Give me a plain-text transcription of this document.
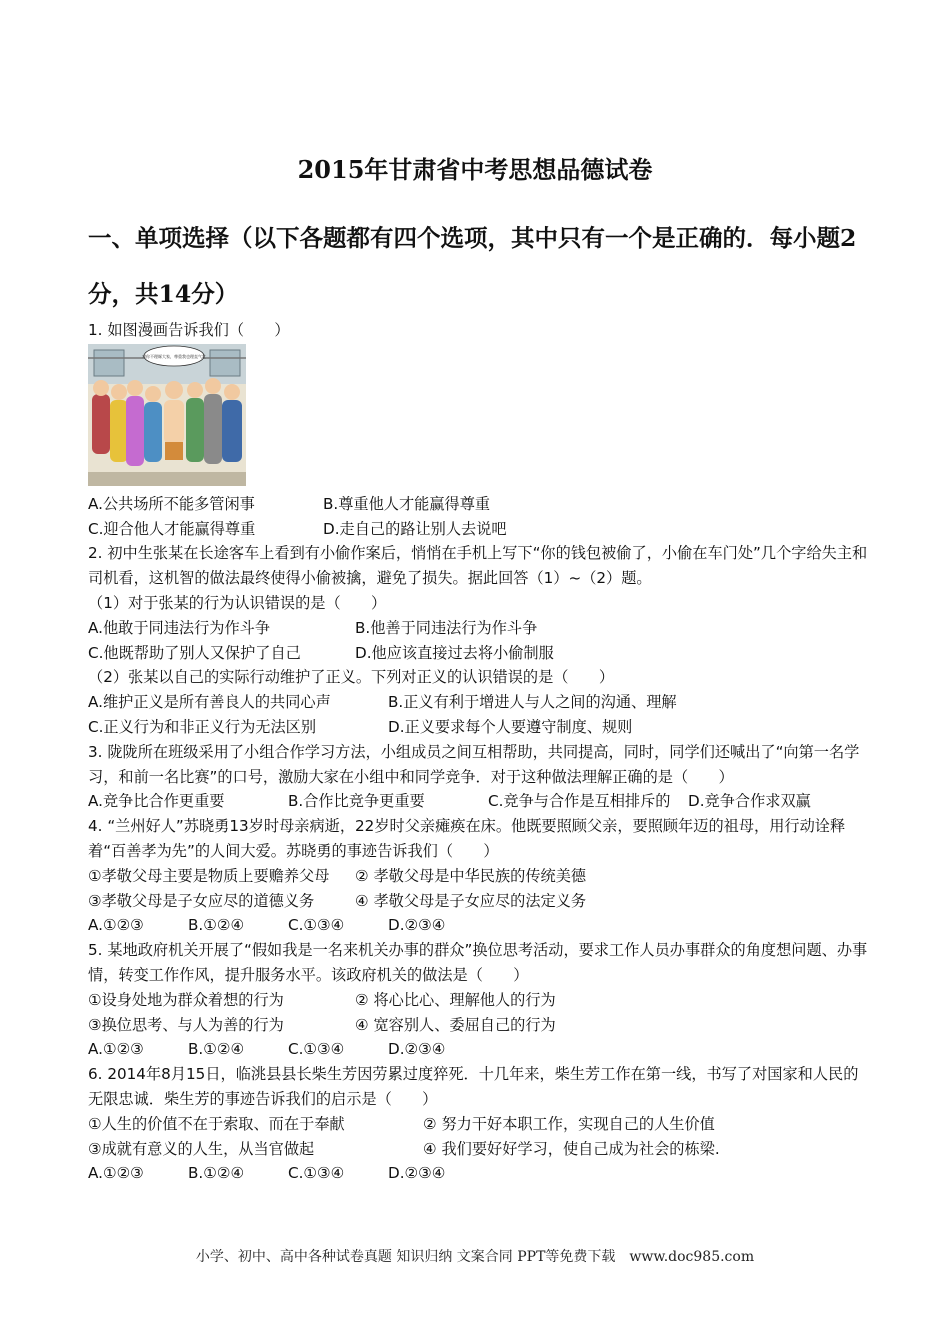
2015年甘肃省中考思想品德试卷
一、单项选择（以下各题都有四个选项，其中只有一个是正确的．每小题2分，共14分）
1. 如图漫画告诉我们（　　）
对你不理睬大家，尊重我也理直气壮
A.公共场所不能多管闲事	B.尊重他人才能赢得尊重
C.迎合他人才能赢得尊重	D.走自己的路让别人去说吧
2. 初中生张某在长途客车上看到有小偷作案后，悄悄在手机上写下“你的钱包被偷了，小偷在车门处”几个字给失主和司机看，这机智的做法最终使得小偷被擒，避免了损失。据此回答（1）~（2）题。
（1）对于张某的行为认识错误的是（　　）
A.他敢于同违法行为作斗争	B.他善于同违法行为作斗争
C.他既帮助了别人又保护了自己	D.他应该直接过去将小偷制服
（2）张某以自己的实际行动维护了正义。下列对正义的认识错误的是（　　）
A.维护正义是所有善良人的共同心声	B.正义有利于增进人与人之间的沟通、理解
C.正义行为和非正义行为无法区别	D.正义要求每个人要遵守制度、规则
3. 陇陇所在班级采用了小组合作学习方法，小组成员之间互相帮助，共同提高，同时，同学们还喊出了“向第一名学习，和前一名比赛”的口号，激励大家在小组中和同学竞争．对于这种做法理解正确的是（　　）
A.竞争比合作更重要	B.合作比竞争更重要	C.竞争与合作是互相排斥的	D.竞争合作求双赢
4. “兰州好人”苏晓勇13岁时母亲病逝，22岁时父亲瘫痪在床。他既要照顾父亲，要照顾年迈的祖母，用行动诠释着“百善孝为先”的人间大爱。苏晓勇的事迹告诉我们（　　）
①孝敬父母主要是物质上要赡养父母	② 孝敬父母是中华民族的传统美德
③孝敬父母是子女应尽的道德义务	④ 孝敬父母是子女应尽的法定义务
A.①②③	B.①②④	C.①③④	D.②③④
5. 某地政府机关开展了“假如我是一名来机关办事的群众”换位思考活动，要求工作人员办事群众的角度想问题、办事情，转变工作作风，提升服务水平。该政府机关的做法是（　　）
①设身处地为群众着想的行为	② 将心比心、理解他人的行为
③换位思考、与人为善的行为	④ 宽容别人、委屈自己的行为
A.①②③	B.①②④	C.①③④	D.②③④
6. 2014年8月15日，临洮县县长柴生芳因劳累过度猝死．十几年来，柴生芳工作在第一线，书写了对国家和人民的无限忠诚．柴生芳的事迹告诉我们的启示是（　　）
①人生的价值不在于索取、而在于奉献	② 努力干好本职工作，实现自己的人生价值
③成就有意义的人生，从当官做起	④ 我们要好好学习，使自己成为社会的栋梁.
A.①②③	B.①②④	C.①③④	D.②③④
小学、初中、高中各种试卷真题 知识归纳 文案合同 PPT等免费下载　www.doc985.com
